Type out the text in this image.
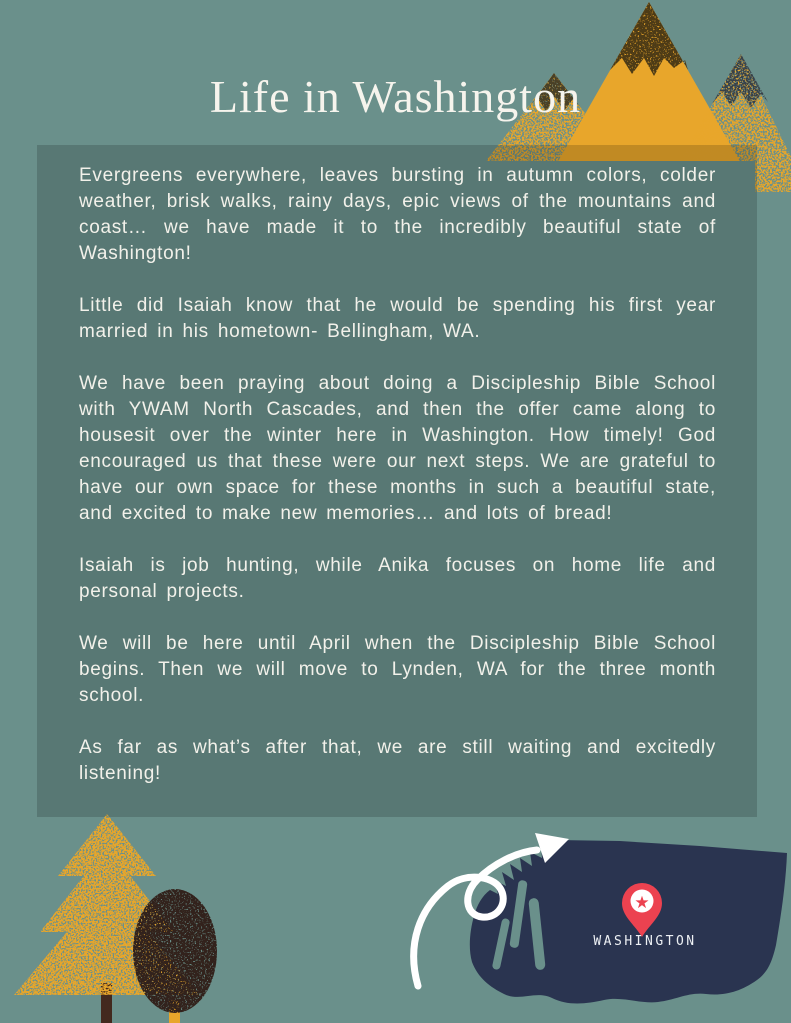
★
Life in Washington

Evergreens everywhere, leaves bursting in autumn colors, colder weather, brisk walks, rainy days, epic views of the mountains and coast… we have made it to the incredibly beautiful state of Washington!

Little did Isaiah know that he would be spending his first year married in his hometown- Bellingham, WA.

We have been praying about doing a Discipleship Bible School with YWAM North Cascades, and then the offer came along to housesit over the winter here in Washington. How timely! God encouraged us that these were our next steps. We are grateful to have our own space for these months in such a beautiful state, and excited to make new memories… and lots of bread!

Isaiah is job hunting, while Anika focuses on home life and personal projects.

We will be here until April when the Discipleship Bible School begins. Then we will move to Lynden, WA for the three month school.

As far as what’s after that, we are still waiting and excitedly listening!

WASHINGTON
